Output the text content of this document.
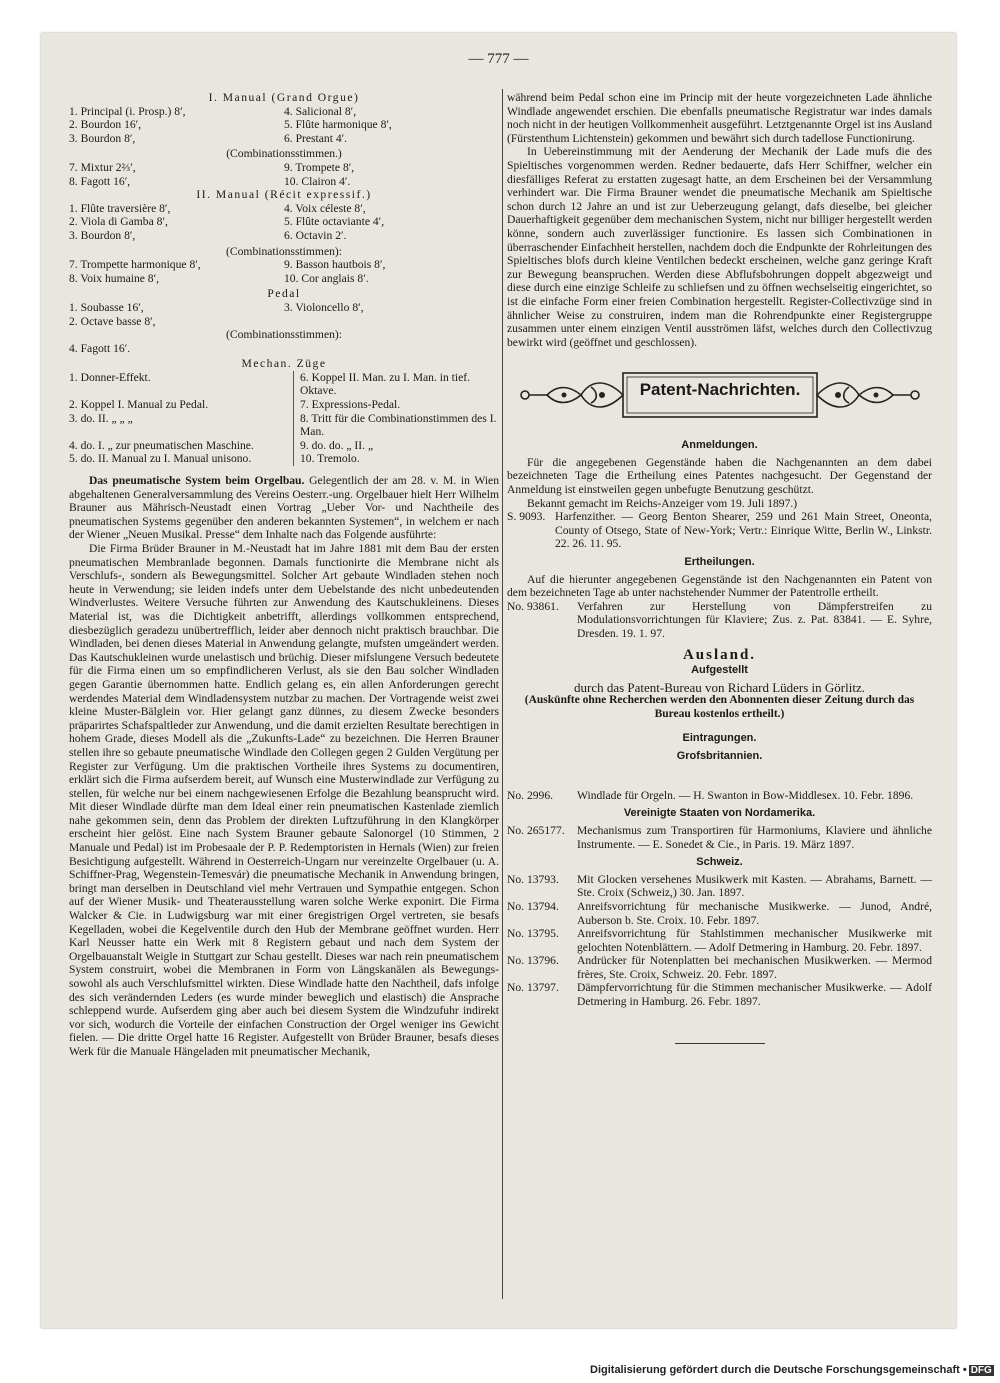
— 777 —
I. Manual (Grand Orgue)
1. Principal (i. Prosp.) 8′,	4. Salicional 8′,
2. Bourdon 16′,	5. Flûte harmonique 8′,
3. Bourdon 8′,	6. Prestant 4′.
(Combinationsstimmen.)
7. Mixtur 2⅔′,	9. Trompete 8′,
8. Fagott 16′,	10. Clairon 4′.
II. Manual (Récit expressif.)
1. Flûte traversière 8′,	4. Voix céleste 8′,
2. Viola di Gamba 8′,	5. Flûte octaviante 4′,
3. Bourdon 8′,	6. Octavin 2′.
(Combinationsstimmen):
7. Trompette harmonique 8′,	9. Basson hautbois 8′,
8. Voix humaine 8′,	10. Cor anglais 8′.
Pedal
1. Soubasse 16′,	3. Violoncello 8′,
2. Octave basse 8′,
(Combinationsstimmen):
4. Fagott 16′.
Mechan. Züge
1. Donner-Effekt.	6. Koppel II. Man. zu I. Man. in tief. Oktave.
2. Koppel I. Manual zu Pedal.	7. Expressions-Pedal.
3. do. II. „ „ „	8. Tritt für die Combinationstimmen des I. Man.
4. do. I. „ zur pneumatischen Maschine.	9. do. do. „ II. „
5. do. II. Manual zu I. Manual unisono.	10. Tremolo.

Das pneumatische System beim Orgelbau. Gelegentlich der am 28. v. M. in Wien abgehaltenen Generalversammlung des Vereins Oesterr.-ung. Orgelbauer hielt Herr Wilhelm Brauner aus Mährisch-Neustadt einen Vortrag „Ueber Vor- und Nachtheile des pneumatischen Systems gegenüber den anderen bekannten Systemen“, in welchem er nach der Wiener „Neuen Musikal. Presse“ dem Inhalte nach das Folgende ausführte:

Die Firma Brüder Brauner in M.-Neustadt hat im Jahre 1881 mit dem Bau der ersten pneumatischen Membranlade begonnen. Damals functionirte die Membrane nicht als Verschlufs-, sondern als Bewegungsmittel. Solcher Art gebaute Windladen stehen noch heute in Verwendung; sie leiden indefs unter dem Uebelstande des nicht unbedeutenden Windverlustes. Weitere Versuche führten zur Anwendung des Kautschukleinens. Dieses Material ist, was die Dichtigkeit anbetrifft, allerdings vollkommen entsprechend, diesbezüglich geradezu unübertrefflich, leider aber dennoch nicht praktisch brauchbar. Die Windladen, bei denen dieses Material in Anwendung gelangte, mufsten umgeändert werden. Das Kautschukleinen wurde unelastisch und brüchig. Dieser mifslungene Versuch bedeutete für die Firma einen um so empfindlicheren Verlust, als sie den Bau solcher Windladen gegen Garantie übernommen hatte. Endlich gelang es, ein allen Anforderungen gerecht werdendes Material dem Windladensystem nutzbar zu machen. Der Vortragende weist zwei kleine Muster-Bälglein vor. Hier gelangt ganz dünnes, zu diesem Zwecke besonders präparirtes Schafspaltleder zur Anwendung, und die damit erzielten Resultate berechtigen in hohem Grade, dieses Modell als die „Zukunfts-Lade“ zu bezeichnen. Die Herren Brauner stellen ihre so gebaute pneumatische Windlade den Collegen gegen 2 Gulden Vergütung per Register zur Verfügung. Um die praktischen Vortheile ihres Systems zu documentiren, erklärt sich die Firma aufserdem bereit, auf Wunsch eine Musterwindlade zur Verfügung zu stellen, für welche nur bei einem nachgewiesenen Erfolge die Bezahlung beansprucht wird. Mit dieser Windlade dürfte man dem Ideal einer rein pneumatischen Kastenlade ziemlich nahe gekommen sein, denn das Problem der direkten Luftzuführung in den Klangkörper erscheint hier gelöst. Eine nach System Brauner gebaute Salonorgel (10 Stimmen, 2 Manuale und Pedal) ist im Probesaale der P. P. Redemptoristen in Hernals (Wien) zur freien Besichtigung aufgestellt. Während in Oesterreich-Ungarn nur vereinzelte Orgelbauer (u. A. Schiffner-Prag, Wegenstein-Temesvár) die pneumatische Mechanik in Anwendung bringen, bringt man derselben in Deutschland viel mehr Vertrauen und Sympathie entgegen. Schon auf der Wiener Musik- und Theaterausstellung waren solche Werke exponirt. Die Firma Walcker & Cie. in Ludwigsburg war mit einer 6registrigen Orgel vertreten, sie besafs Kegelladen, wobei die Kegelventile durch den Hub der Membrane geöffnet wurden. Herr Karl Neusser hatte ein Werk mit 8 Registern gebaut und nach dem System der Orgelbauanstalt Weigle in Stuttgart zur Schau gestellt. Dieses war nach rein pneumatischem System construirt, wobei die Membranen in Form von Längskanälen als Bewegungs- sowohl als auch Verschlufsmittel wirkten. Diese Windlade hatte den Nachtheil, dafs infolge des sich verändernden Leders (es wurde minder beweglich und elastisch) die Ansprache schleppend wurde. Aufserdem ging aber auch bei diesem System die Windzufuhr indirekt vor sich, wodurch die Vorteile der einfachen Construction der Orgel weniger ins Gewicht fielen. — Die dritte Orgel hatte 16 Register. Aufgestellt von Brüder Brauner, besafs dieses Werk für die Manuale Hängeladen mit pneumatischer Mechanik,

während beim Pedal schon eine im Princip mit der heute vorgezeichneten Lade ähnliche Windlade angewendet erschien. Die ebenfalls pneumatische Registratur war indes damals noch nicht in der heutigen Vollkommenheit ausgeführt. Letztgenannte Orgel ist ins Ausland (Fürstenthum Lichtenstein) gekommen und bewährt sich durch tadellose Functionirung.

In Uebereinstimmung mit der Aenderung der Mechanik der Lade mufs die des Spieltisches vorgenommen werden. Redner bedauerte, dafs Herr Schiffner, welcher ein diesfälliges Referat zu erstatten zugesagt hatte, an dem Erscheinen bei der Versammlung verhindert war. Die Firma Brauner wendet die pneumatische Mechanik am Spieltische schon durch 12 Jahre an und ist zur Ueberzeugung gelangt, dafs dieselbe, bei gleicher Dauerhaftigkeit gegenüber dem mechanischen System, nicht nur billiger hergestellt werden könne, sondern auch zuverlässiger functionire. Es lassen sich Combinationen in überraschender Einfachheit herstellen, nachdem doch die Endpunkte der Rohrleitungen des Spieltisches blofs durch kleine Ventilchen bedeckt erscheinen, welche ganz geringe Kraft zur Bewegung beanspruchen. Werden diese Abflufsbohrungen doppelt abgezweigt und diese durch eine einzige Schleife zu schliefsen und zu öffnen wechselseitig eingerichtet, so ist die einfache Form einer freien Combination hergestellt. Register-Collectivzüge sind in ähnlicher Weise zu construiren, indem man die Rohrendpunkte einer Registergruppe zusammen unter einem einzigen Ventil ausströmen läfst, welches durch den Collectivzug bewirkt wird (geöffnet und geschlossen).

Patent-Nachrichten.
Anmeldungen.

Für die angegebenen Gegenstände haben die Nachgenannten an dem dabei bezeichneten Tage die Ertheilung eines Patentes nachgesucht. Der Gegenstand der Anmeldung ist einstweilen gegen unbefugte Benutzung geschützt.

Bekannt gemacht im Reichs-Anzeiger vom 19. Juli 1897.)

S. 9093. Harfenzither. — Georg Benton Shearer, 259 und 261 Main Street, Oneonta, County of Otsego, State of New-York; Vertr.: Einrique Witte, Berlin W., Linkstr. 22. 26. 11. 95.
Ertheilungen.

Auf die hierunter angegebenen Gegenstände ist den Nachgenannten ein Patent von dem bezeichneten Tage ab unter nachstehender Nummer der Patentrolle ertheilt.

No. 93861.	Verfahren zur Herstellung von Dämpferstreifen zu Modulationsvorrichtungen für Klaviere; Zus. z. Pat. 83841. — E. Syhre, Dresden. 19. 1. 97.
Ausland.
Aufgestellt
durch das Patent-Bureau von Richard Lüders in Görlitz.
(Auskünfte ohne Recherchen werden den Abonnenten dieser Zeitung durch das Bureau kostenlos ertheilt.)
Eintragungen.
Grofsbritannien.
No. 2996.	Windlade für Orgeln. — H. Swanton in Bow-Middlesex. 10. Febr. 1896.
Vereinigte Staaten von Nordamerika.
No. 265177.	Mechanismus zum Transportiren für Harmoniums, Klaviere und ähnliche Instrumente. — E. Sonedet & Cie., in Paris. 19. März 1897.
Schweiz.
No. 13793.	Mit Glocken versehenes Musikwerk mit Kasten. — Abrahams, Barnett. — Ste. Croix (Schweiz,) 30. Jan. 1897.
No. 13794.	Anreifsvorrichtung für mechanische Musikwerke. — Junod, André, Auberson b. Ste. Croix. 10. Febr. 1897.
No. 13795.	Anreifsvorrichtung für Stahlstimmen mechanischer Musikwerke mit gelochten Notenblättern. — Adolf Detmering in Hamburg. 20. Febr. 1897.
No. 13796.	Andrücker für Notenplatten bei mechanischen Musikwerken. — Mermod frères, Ste. Croix, Schweiz. 20. Febr. 1897.
No. 13797.	Dämpfervorrichtung für die Stimmen mechanischer Musikwerke. — Adolf Detmering in Hamburg. 26. Febr. 1897.
Digitalisierung gefördert durch die Deutsche Forschungsgemeinschaft • DFG
